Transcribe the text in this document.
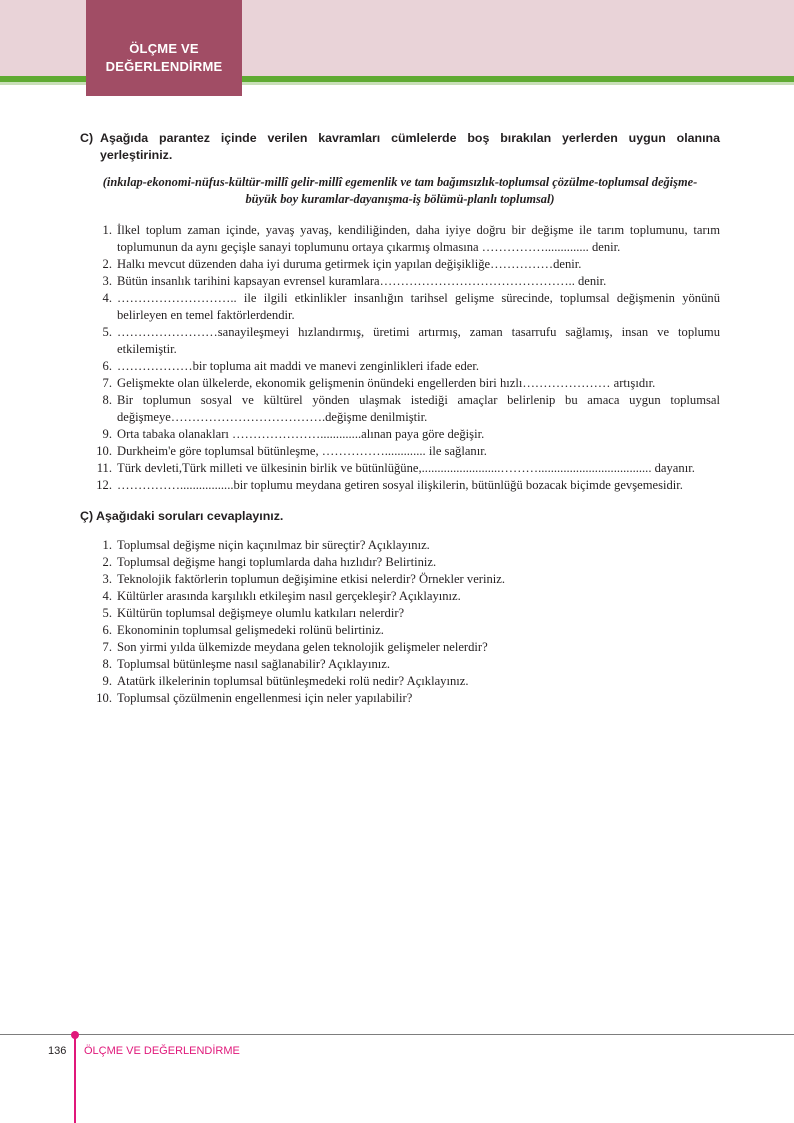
ÖLÇME VE
DEĞERLENDİRME
C) Aşağıda parantez içinde verilen kavramları cümlelerde boş bırakılan yerlerden uygun olanına yerleştiriniz.
(inkılap-ekonomi-nüfus-kültür-millî gelir-millî egemenlik ve tam bağımsızlık-toplumsal çözülme-toplumsal değişme-büyük boy kuramlar-dayanışma-iş bölümü-planlı toplumsal)
1. İlkel toplum zaman içinde, yavaş yavaş, kendiliğinden, daha iyiye doğru bir değişme ile tarım toplumunu, tarım toplumunun da aynı geçişle sanayi toplumunu ortaya çıkarmış olmasına …………….............. denir.
2. Halkı mevcut düzenden daha iyi duruma getirmek için yapılan değişikliğe……………denir.
3. Bütün insanlık tarihini kapsayan evrensel kuramlara……………………………………….. denir.
4. ……………………….. ile ilgili etkinlikler insanlığın tarihsel gelişme sürecinde, toplumsal değişmenin yönünü belirleyen en temel faktörlerdendir.
5. ……………………sanayileşmeyi hızlandırmış, üretimi artırmış, zaman tasarrufu sağlamış, insan ve toplumu etkilemiştir.
6. ………………bir topluma ait maddi ve manevi zenginlikleri ifade eder.
7. Gelişmekte olan ülkelerde, ekonomik gelişmenin önündeki engellerden biri hızlı………………… artışıdır.
8. Bir toplumun sosyal ve kültürel yönden ulaşmak istediği amaçlar belirlenip bu amaca uygun toplumsal değişmeye……………………………….değişme denilmiştir.
9. Orta tabaka olanakları ………………….............alınan paya göre değişir.
10. Durkheim'e göre toplumsal bütünleşme, ……………............. ile sağlanır.
11. Türk devleti,Türk milleti ve ülkesinin birlik ve bütünlüğüne,.........................……….................................... dayanır.
12. …………….................bir toplumu meydana getiren sosyal ilişkilerin, bütünlüğü bozacak biçimde gevşemesidir.
Ç) Aşağıdaki soruları cevaplayınız.
1. Toplumsal değişme niçin kaçınılmaz bir süreçtir? Açıklayınız.
2. Toplumsal değişme hangi toplumlarda daha hızlıdır? Belirtiniz.
3. Teknolojik faktörlerin toplumun değişimine etkisi nelerdir? Örnekler veriniz.
4. Kültürler arasında karşılıklı etkileşim nasıl gerçekleşir? Açıklayınız.
5. Kültürün toplumsal değişmeye olumlu katkıları nelerdir?
6. Ekonominin toplumsal gelişmedeki rolünü belirtiniz.
7. Son yirmi yılda ülkemizde meydana gelen teknolojik gelişmeler nelerdir?
8. Toplumsal bütünleşme nasıl sağlanabilir? Açıklayınız.
9. Atatürk ilkelerinin toplumsal bütünleşmedeki rolü nedir? Açıklayınız.
10. Toplumsal çözülmenin engellenmesi için neler yapılabilir?
136 ÖLÇME VE DEĞERLENDİRME
